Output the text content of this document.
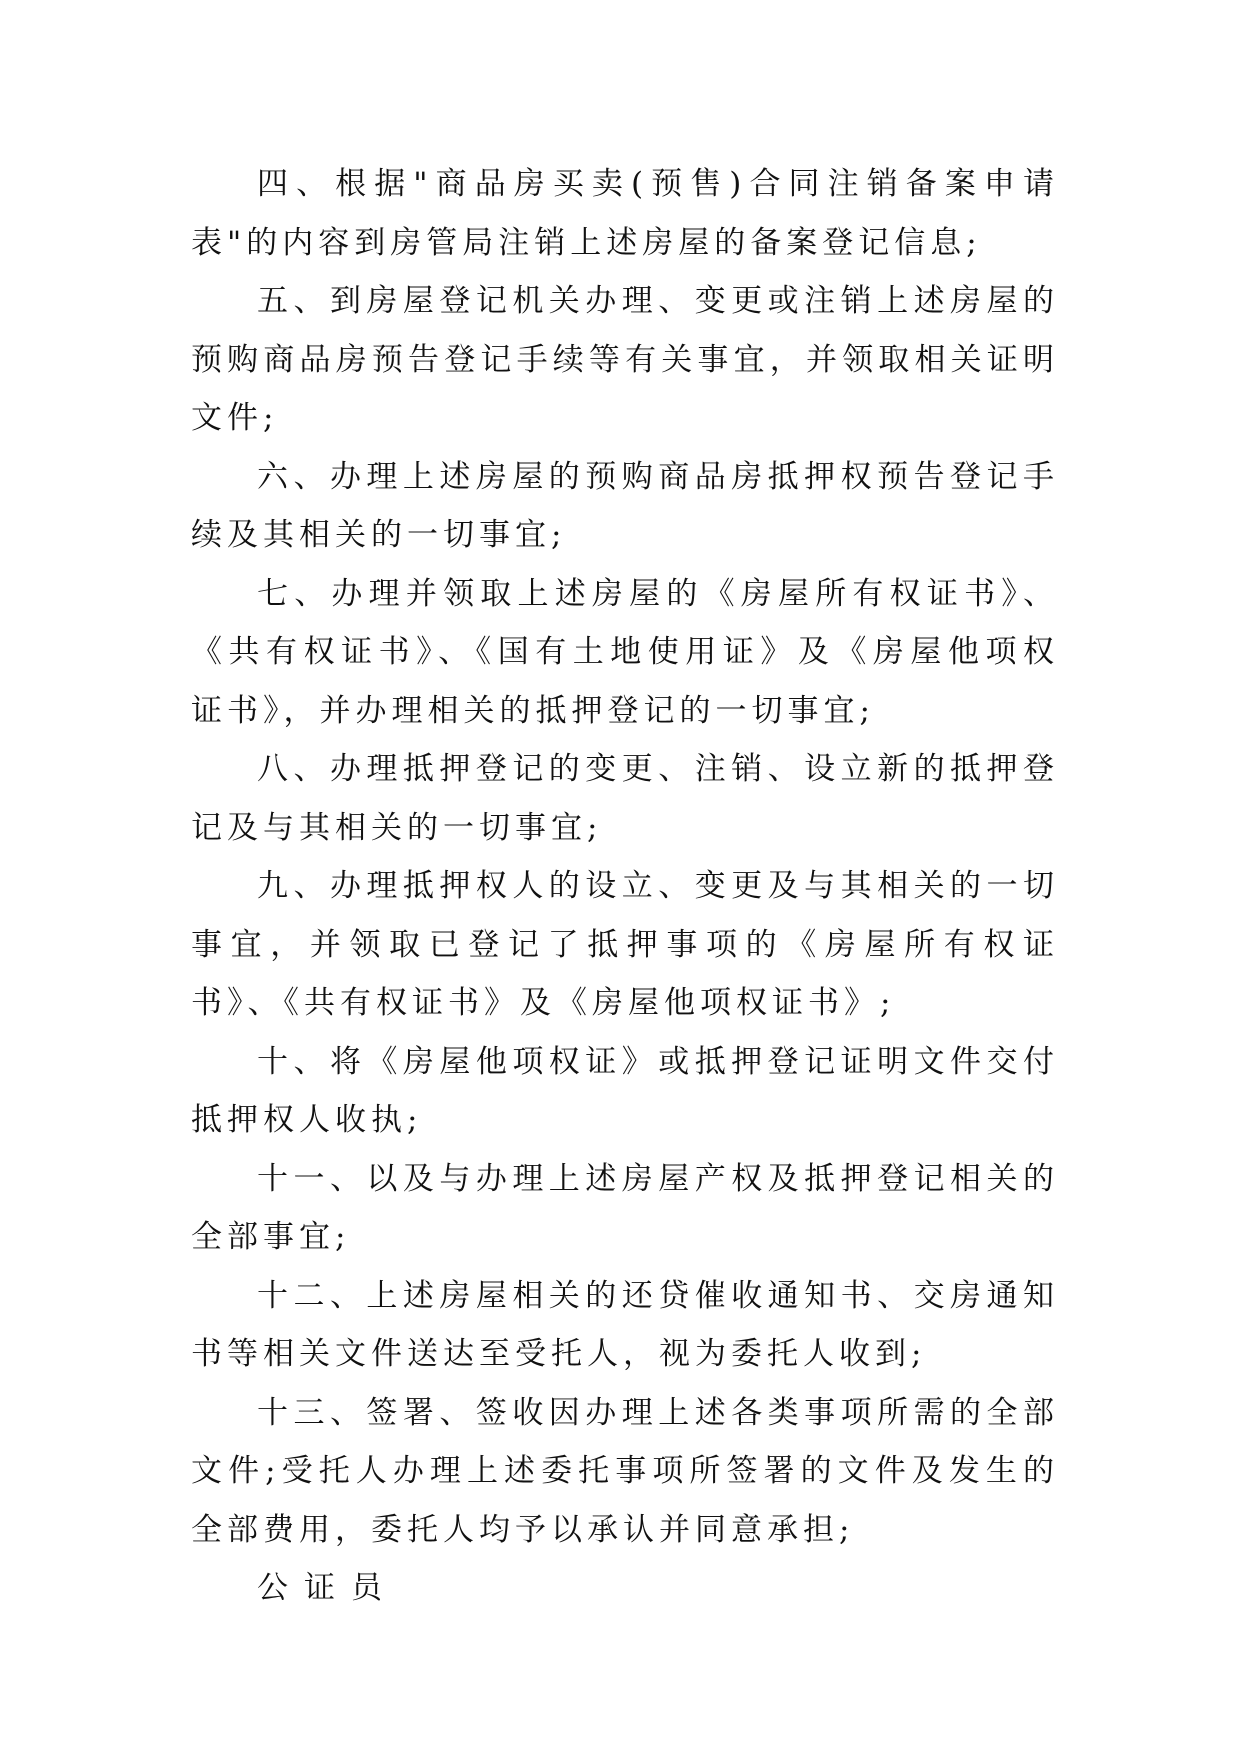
四、根据"商品房买卖(预售)合同注销备案申请表"的内容到房管局注销上述房屋的备案登记信息;

五、到房屋登记机关办理、变更或注销上述房屋的预购商品房预告登记手续等有关事宜，并领取相关证明文件;

六、办理上述房屋的预购商品房抵押权预告登记手续及其相关的一切事宜;

七、办理并领取上述房屋的《房屋所有权证书》、《共有权证书》、《国有土地使用证》及《房屋他项权证书》，并办理相关的抵押登记的一切事宜;

八、办理抵押登记的变更、注销、设立新的抵押登记及与其相关的一切事宜;

九、办理抵押权人的设立、变更及与其相关的一切事宜，并领取已登记了抵押事项的《房屋所有权证书》、《共有权证书》及《房屋他项权证书》;

十、将《房屋他项权证》或抵押登记证明文件交付抵押权人收执;

十一、以及与办理上述房屋产权及抵押登记相关的全部事宜;

十二、上述房屋相关的还贷催收通知书、交房通知书等相关文件送达至受托人，视为委托人收到;

十三、签署、签收因办理上述各类事项所需的全部文件;受托人办理上述委托事项所签署的文件及发生的全部费用，委托人均予以承认并同意承担;

公证员
